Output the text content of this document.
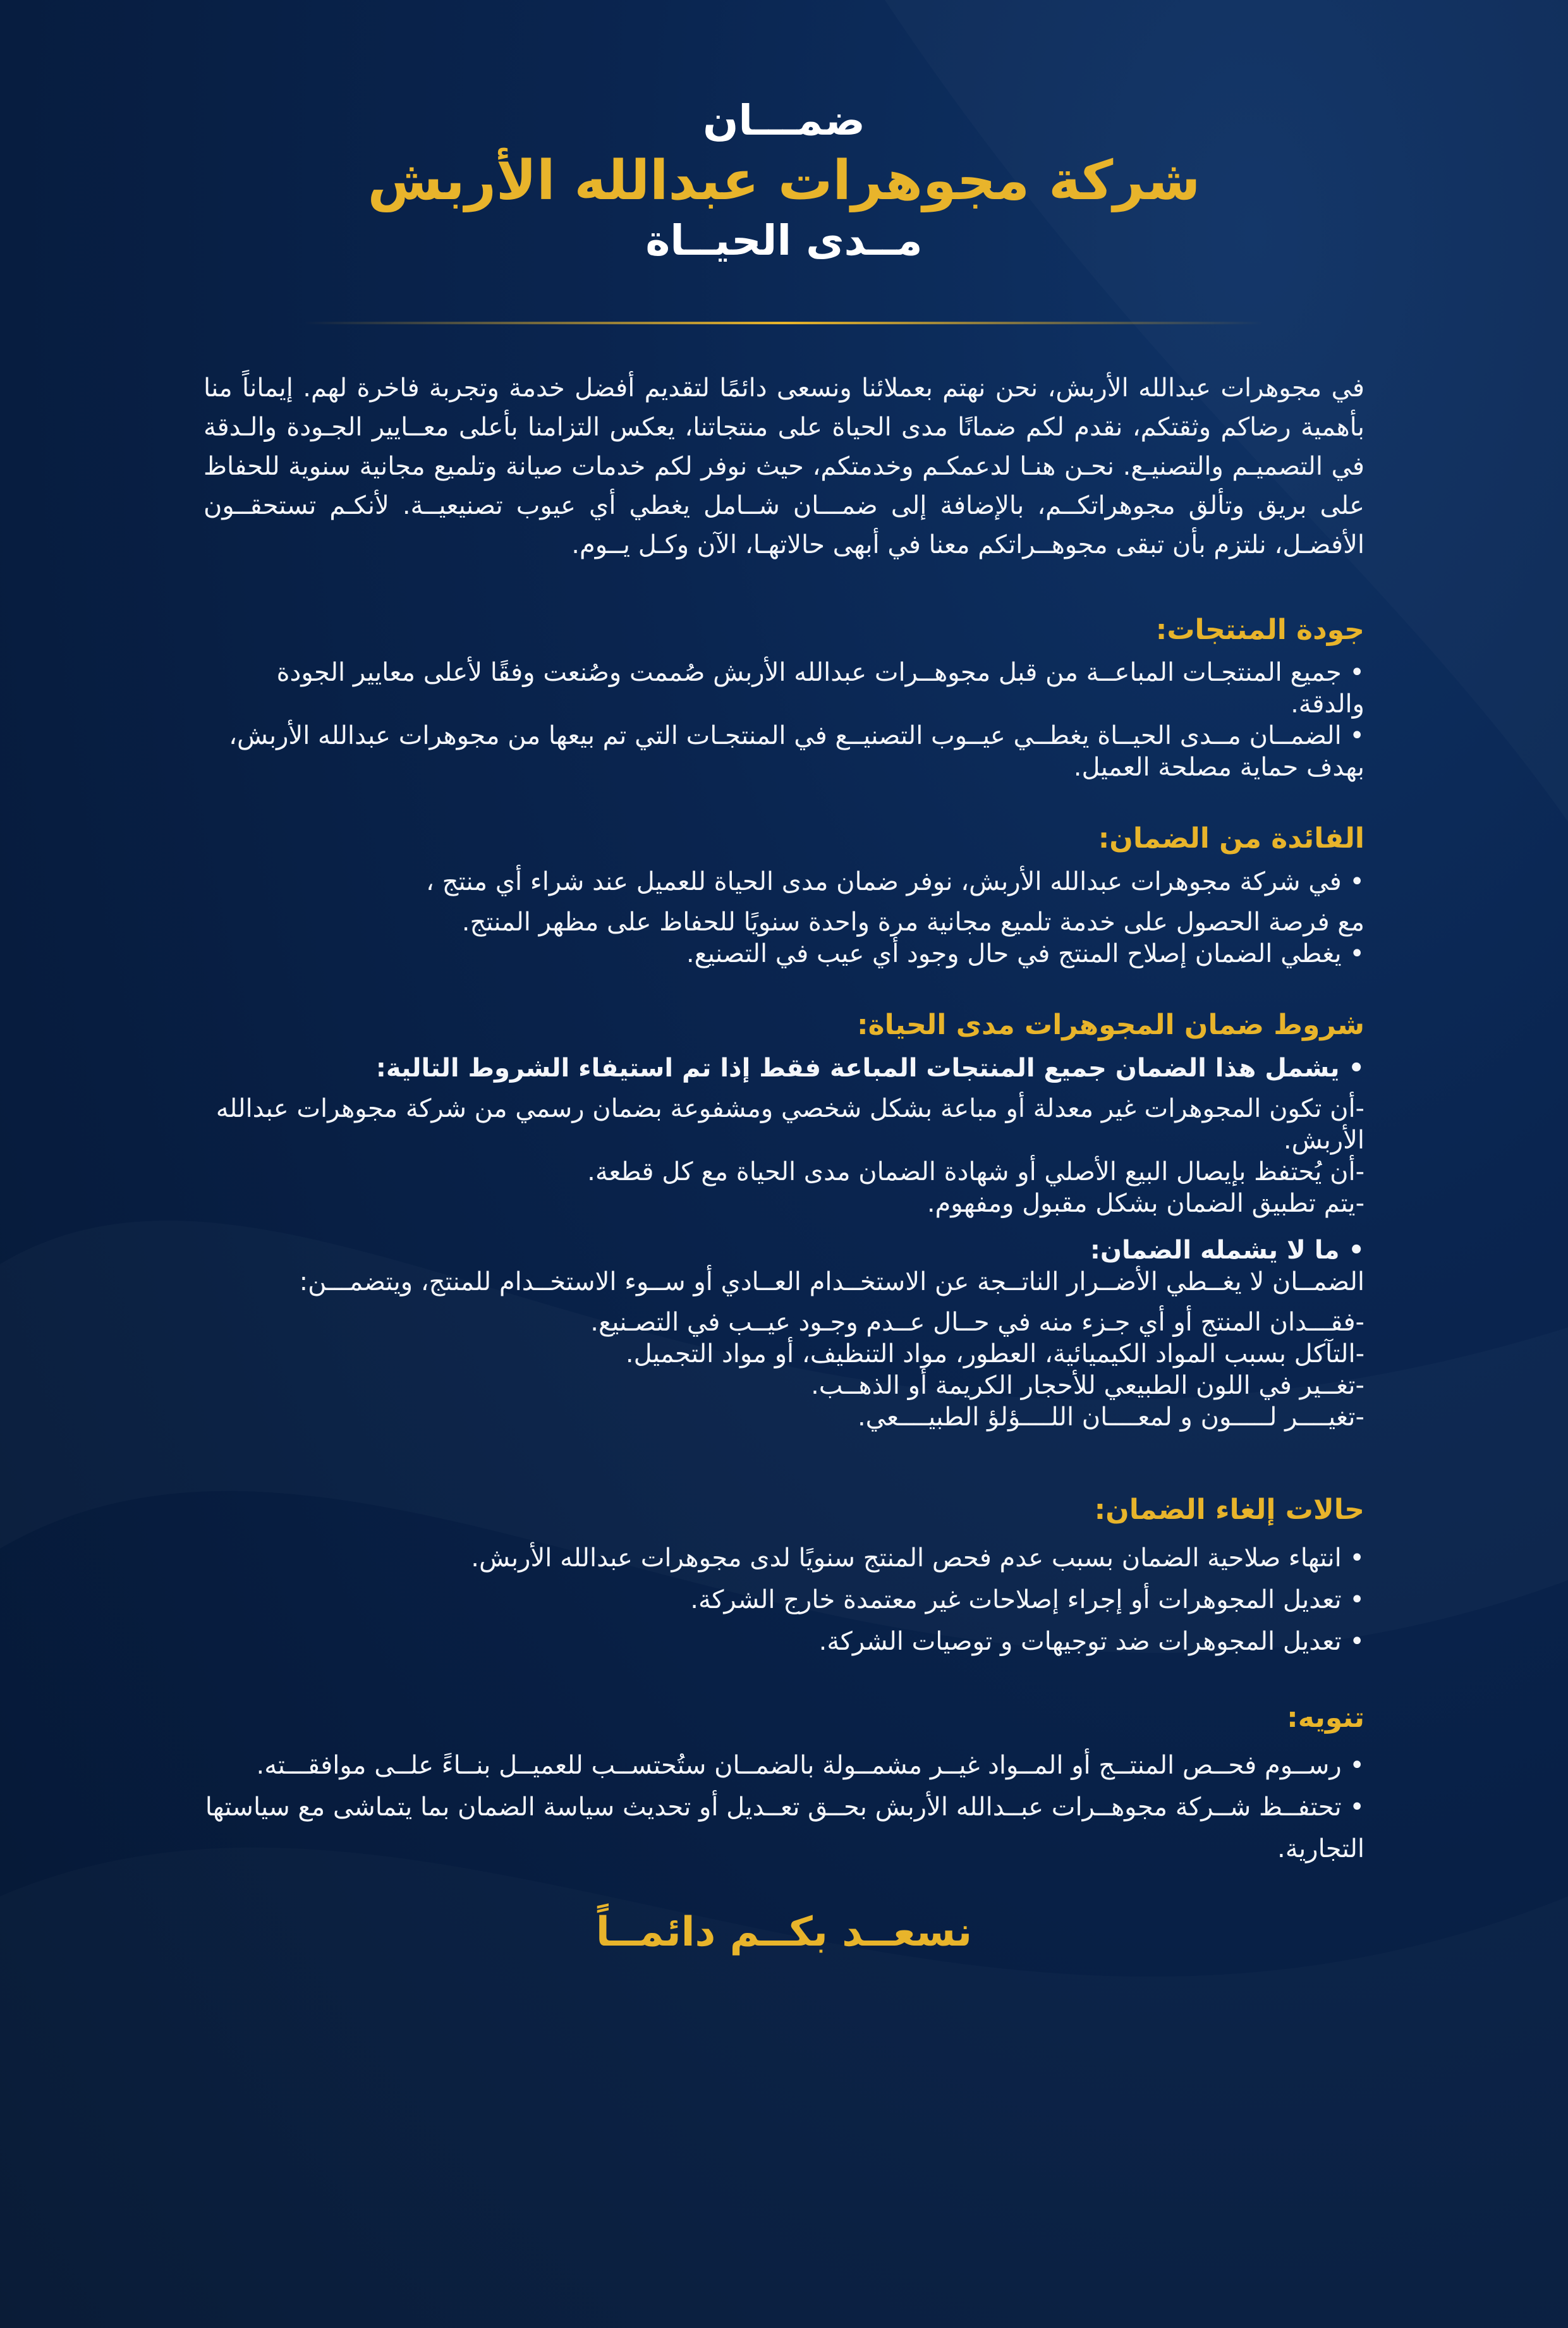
ضمـــان

شركة مجوهرات عبدالله الأربش

مــدى الحيــاة

في مجوهرات عبدالله الأربش، نحن نهتم بعملائنا ونسعى دائمًا لتقديم أفضل خدمة وتجربة فاخرة لهم. إيماناً منا بأهمية رضاكم وثقتكم، نقدم لكم ضمانًا مدى الحياة على منتجاتنا، يعكس التزامنا بأعلى معــايير الجـودة والـدقة في التصميـم والتصنيـع. نحـن هنـا لدعمكـم وخدمتكم، حيث نوفر لكم خدمات صيانة وتلميع مجانية سنوية للحفاظ على بريق وتألق مجوهراتكــم، بالإضافة إلى ضمـــان شــامل يغطي أي عيوب تصنيعيــة. لأنكـم تستحقــون الأفضـل، نلتزم بأن تبقى مجوهــراتكم معنا في أبهى حالاتهـا، الآن وكـل يــوم.

جودة المنتجات:

• جميع المنتجـات المباعــة من قبل مجوهــرات عبدالله الأربش صُممت وصُنعت وفقًا لأعلى معايير الجودة والدقة.

• الضمــان مــدى الحيــاة يغطــي عيــوب التصنيــع في المنتجـات التي تم بيعها من مجوهرات عبدالله الأربش، بهدف حماية مصلحة العميل.

الفائدة من الضمان:

• في شركة مجوهرات عبدالله الأربش، نوفر ضمان مدى الحياة للعميل عند شراء أي منتج ،

مع فرصة الحصول على خدمة تلميع مجانية مرة واحدة سنويًا للحفاظ على مظهر المنتج.

• يغطي الضمان إصلاح المنتج في حال وجود أي عيب في التصنيع.

شروط ضمان المجوهرات مدى الحياة:

• يشمل هذا الضمان جميع المنتجات المباعة فقط إذا تم استيفاء الشروط التالية:

-أن تكون المجوهرات غير معدلة أو مباعة بشكل شخصي ومشفوعة بضمان رسمي من شركة مجوهرات عبدالله الأربش.

-أن يُحتفظ بإيصال البيع الأصلي أو شهادة الضمان مدى الحياة مع كل قطعة.

-يتم تطبيق الضمان بشكل مقبول ومفهوم.

• ما لا يشمله الضمان:

الضمــان لا يغــطي الأضــرار الناتــجة عن الاستخــدام العــادي أو ســوء الاستخــدام للمنتج، ويتضمـــن:

-فقـــدان المنتج أو أي جـزء منه في حــال عــدم وجـود عيــب في التصـنيع.

-التآكل بسبب المواد الكيميائية، العطور، مواد التنظيف، أو مواد التجميل.

-تغــير في اللون الطبيعي للأحجار الكريمة أو الذهــب.

-تغيــــر لـــــون و لمعــــان اللــــؤلؤ الطبيــــعي.

حالات إلغاء الضمان:

• انتهاء صلاحية الضمان بسبب عدم فحص المنتج سنويًا لدى مجوهرات عبدالله الأربش.

• تعديل المجوهرات أو إجراء إصلاحات غير معتمدة خارج الشركة.

• تعديل المجوهرات ضد توجيهات و توصيات الشركة.

تنويه:

• رســوم فحــص المنتــج أو المــواد غيــر مشمــولة بالضمــان ستُحتســب للعميــل بنــاءً علــى موافقـــته.

• تحتفــظ شــركة مجوهــرات عبــدالله الأربش بحــق تعــديل أو تحديث سياسة الضمان بما يتماشى مع سياستها التجارية.

نسعــد بكــم دائمــاً
